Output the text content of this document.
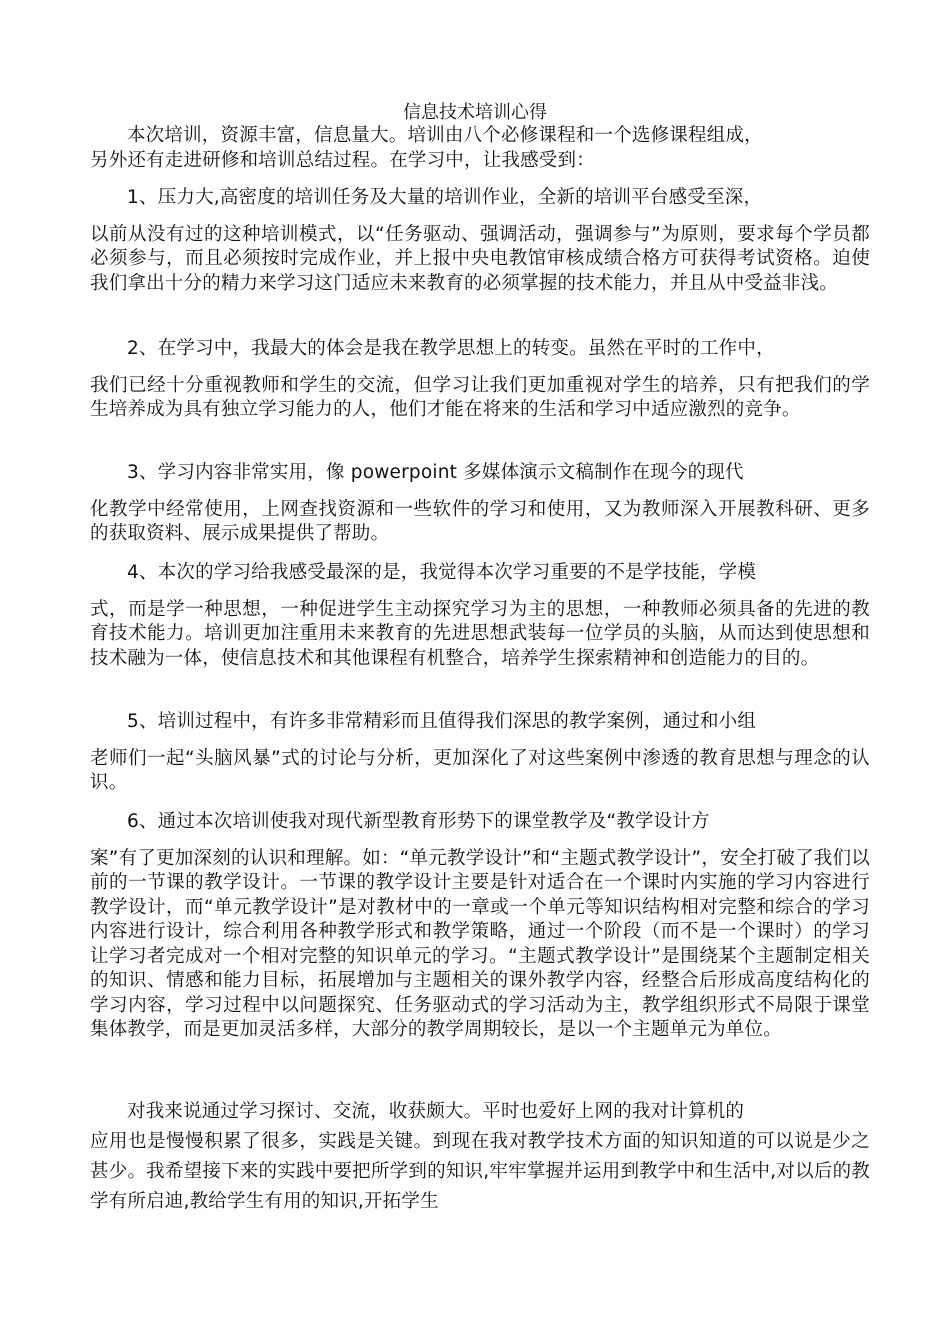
信息技术培训心得
本次培训，资源丰富，信息量大。培训由八个必修课程和一个选修课程组成，
另外还有走进研修和培训总结过程。在学习中，让我感受到：
1、压力大,高密度的培训任务及大量的培训作业，全新的培训平台感受至深，
以前从没有过的这种培训模式，以“任务驱动、强调活动，强调参与”为原则，要求每个学员都必须参与，而且必须按时完成作业，并上报中央电教馆审核成绩合格方可获得考试资格。迫使我们拿出十分的精力来学习这门适应未来教育的必须掌握的技术能力，并且从中受益非浅。
2、在学习中，我最大的体会是我在教学思想上的转变。虽然在平时的工作中，
我们已经十分重视教师和学生的交流，但学习让我们更加重视对学生的培养，只有把我们的学生培养成为具有独立学习能力的人，他们才能在将来的生活和学习中适应激烈的竞争。
3、学习内容非常实用，像 powerpoint 多媒体演示文稿制作在现今的现代
化教学中经常使用，上网查找资源和一些软件的学习和使用，又为教师深入开展教科研、更多的获取资料、展示成果提供了帮助。
4、本次的学习给我感受最深的是，我觉得本次学习重要的不是学技能，学模
式，而是学一种思想，一种促进学生主动探究学习为主的思想，一种教师必须具备的先进的教育技术能力。培训更加注重用未来教育的先进思想武装每一位学员的头脑，从而达到使思想和技术融为一体，使信息技术和其他课程有机整合，培养学生探索精神和创造能力的目的。
5、培训过程中，有许多非常精彩而且值得我们深思的教学案例，通过和小组
老师们一起“头脑风暴”式的讨论与分析，更加深化了对这些案例中渗透的教育思想与理念的认识。
6、通过本次培训使我对现代新型教育形势下的课堂教学及“教学设计方
案”有了更加深刻的认识和理解。如：“单元教学设计”和“主题式教学设计”，安全打破了我们以前的一节课的教学设计。一节课的教学设计主要是针对适合在一个课时内实施的学习内容进行教学设计，而“单元教学设计”是对教材中的一章或一个单元等知识结构相对完整和综合的学习内容进行设计，综合利用各种教学形式和教学策略，通过一个阶段（而不是一个课时）的学习让学习者完成对一个相对完整的知识单元的学习。“主题式教学设计”是围绕某个主题制定相关的知识、情感和能力目标，拓展增加与主题相关的课外教学内容，经整合后形成高度结构化的学习内容，学习过程中以问题探究、任务驱动式的学习活动为主，教学组织形式不局限于课堂集体教学，而是更加灵活多样，大部分的教学周期较长，是以一个主题单元为单位。
对我来说通过学习探讨、交流，收获颇大。平时也爱好上网的我对计算机的
应用也是慢慢积累了很多，实践是关键。到现在我对教学技术方面的知识知道的可以说是少之甚少。我希望接下来的实践中要把所学到的知识,牢牢掌握并运用到教学中和生活中,对以后的教学有所启迪,教给学生有用的知识,开拓学生
